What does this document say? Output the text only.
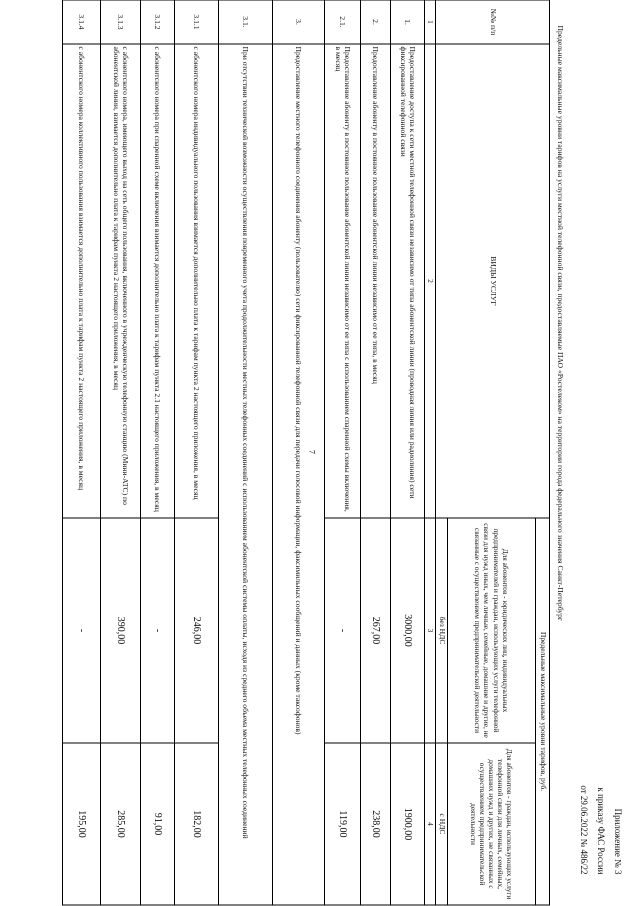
7
Приложение № 3
к приказу ФАС России
от 29.06.2022 № 486/22
Предельные максимальные уровни тарифов на услуги местной телефонной связи, предоставляемые ПАО «Ростелеком» на территории города федерального значения Санкт-Петербург
№№ п/п	ВИДЫ УСЛУГ	Предельные максимальные уровни тарифов, руб.	
		Для абонентов - юридических лиц, индивидуальных предпринимателей и граждан, использующих услуги телефонной связи для нужд иных, чем личные, семейные, домашние и другие, не связанные с осуществлением предпринимательской деятельности	Для абонентов - граждан, использующих услуги телефонной связи для личных, семейных, домашних нужд и других, не связанных с осуществлением предпринимательской деятельности
		без НДС	с НДС
1	2	3	4
1.	Предоставление доступа к сети местной телефонной связи независимо от типа абонентской линии (проводная линия или радиолиния) сети фиксированной телефонной связи	3000,00	1900,00
2.	Предоставление абоненту в постоянное пользование абонентской линии независимо от ее типа, в месяц	267,00	238,00
2.1.	Предоставление абоненту в постоянное пользование абонентской линии независимо от ее типа с использованием спаренной схемы включения, в месяц	-	119,00
3.	Предоставление местного телефонного соединения абоненту (пользователю) сети фиксированной телефонной связи для передачи голосовой информации, факсимильных сообщений и данных (кроме таксофонов)		
3.1.	При отсутствии технической возможности осуществления повременного учета продолжительности местных телефонных соединений с использованием абонентской системы оплаты, исходя из среднего объема местных телефонных соединений		
3.1.1	с абонентского номера индивидуального пользования взимается дополнительно плата к тарифам пункта 2 настоящего приложения, в месяц	246,00	182,00
3.1.2	с абонентского номера при спаренной схеме включения взимается дополнительно плата к тарифам пункта 2.1 настоящего приложения, в месяц	-	91,00
3.1.3	с абонентского номера, имеющего выход на сеть общего пользования, включенного в учрежденческую телефонную станцию (Мини-АТС) по абонентской линии, взимается дополнительно плата к тарифам пункта 2 настоящего приложения, в месяц	390,00	285,00
3.1.4	с абонентского номера коллективного пользования взимается дополнительно плата к тарифам пункта 2 настоящего приложения, в месяц	-	195,00
